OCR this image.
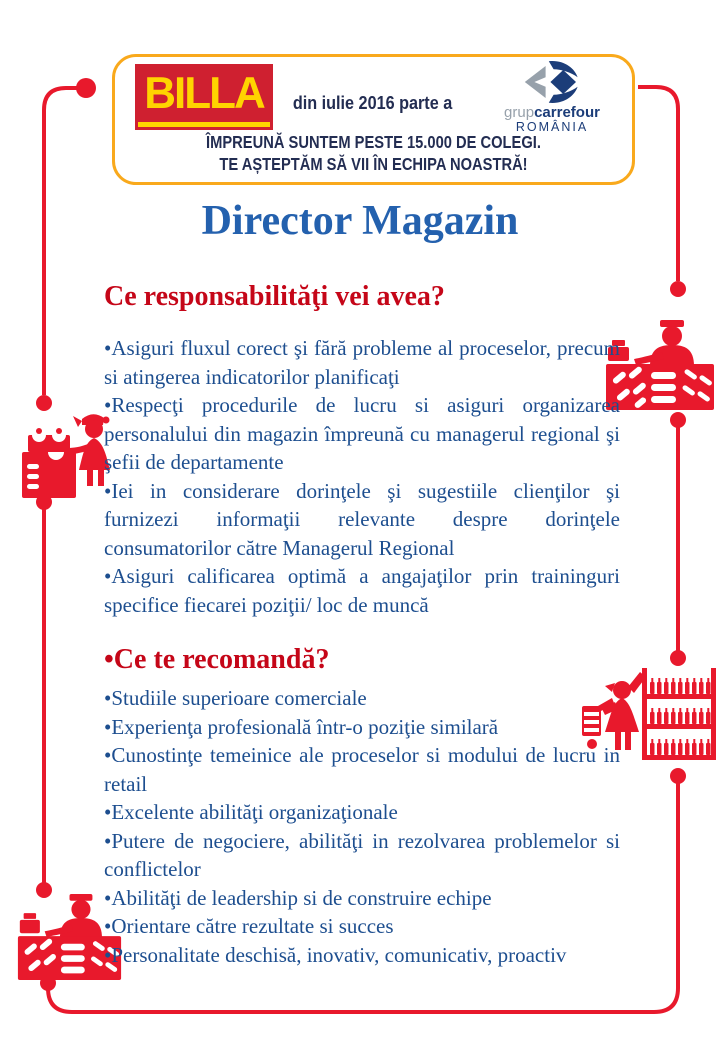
BILLA	din iulie 2016 parte a	grupcarrefour
ROMÂNIA
ÎMPREUNĂ SUNTEM PESTE 15.000 DE COLEGI.
TE AȘTEPTĂM SĂ VII ÎN ECHIPA NOASTRĂ!
Director Magazin
Ce responsabilităţi vei avea?
•Asiguri fluxul corect şi fără probleme al proceselor, precum si atingerea indicatorilor planificaţi
•Respecţi procedurile de lucru si asiguri organizarea personalului din magazin împreună cu managerul regional şi şefii de departamente
•Iei in considerare dorinţele şi sugestiile clienţilor şi furnizezi informaţii relevante despre dorinţele consumatorilor către Managerul Regional
•Asiguri calificarea optimă a angajaţilor prin traininguri specifice fiecarei poziţii/ loc de muncă
•Ce te recomandă?
•Studiile superioare comerciale
•Experienţa profesională într-o poziţie similară
•Cunostinţe temeinice ale proceselor si modului de lucru in retail
•Excelente abilităţi organizaţionale
•Putere de negociere, abilităţi in rezolvarea problemelor si conflictelor
•Abilităţi de leadership si de construire echipe
•Orientare către rezultate si succes
•Personalitate deschisă, inovativ, comunicativ, proactiv
